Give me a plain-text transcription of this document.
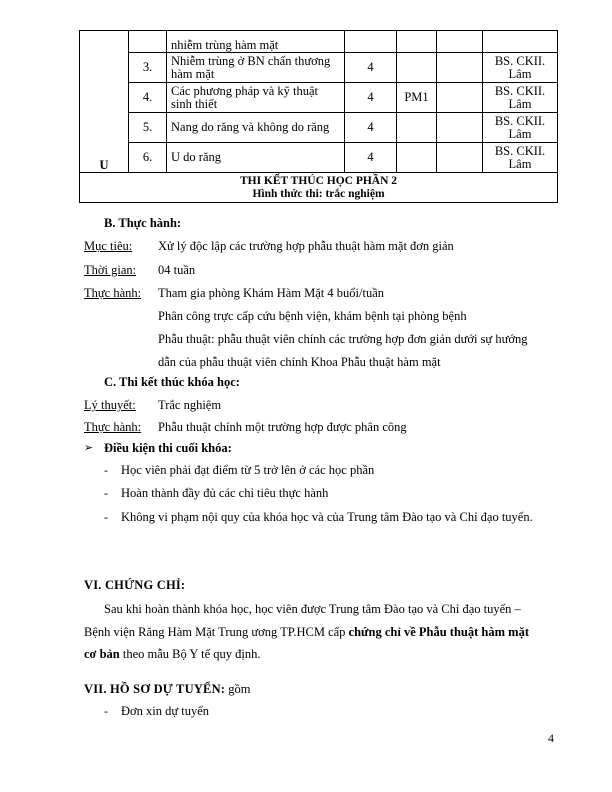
U		nhiễm trùng hàm mặt				
	3.	Nhiễm trùng ở BN chấn thương hàm mặt	4			BS. CKII. Lâm
	4.	Các phương pháp và kỹ thuật sinh thiết	4	PM1		BS. CKII. Lâm
	5.	Nang do răng và không do răng	4			BS. CKII. Lâm
	6.	U do răng	4			BS. CKII. Lâm

THI KẾT THÚC HỌC PHẦN 2
Hình thức thi: trắc nghiệm						
B. Thực hành:
Mục tiêu: Xử lý độc lập các trường hợp phẫu thuật hàm mặt đơn giản
Thời gian: 04 tuần
Thực hành: Tham gia phòng Khám Hàm Mặt 4 buổi/tuần
Phân công trực cấp cứu bệnh viện, khám bệnh tại phòng bệnh
Phẫu thuật: phẫu thuật viên chính các trường hợp đơn giản dưới sự hướng
dẫn của phẫu thuật viên chính Khoa Phẫu thuật hàm mặt
C. Thi kết thúc khóa học:
Lý thuyết: Trắc nghiệm
Thực hành: Phẫu thuật chính một trường hợp được phân công
➢ Điều kiện thi cuối khóa:
- Học viên phải đạt điểm từ 5 trở lên ở các học phần
- Hoàn thành đầy đủ các chỉ tiêu thực hành
- Không vi phạm nội quy của khóa học và của Trung tâm Đào tạo và Chỉ đạo tuyến.
VI. CHỨNG CHỈ:
Sau khi hoàn thành khóa học, học viên được Trung tâm Đào tạo và Chỉ đạo tuyến –
Bệnh viện Răng Hàm Mặt Trung ương TP.HCM cấp chứng chỉ về Phẫu thuật hàm mặt
cơ bản theo mẫu Bộ Y tế quy định.
VII. HỒ SƠ DỰ TUYỂN: gồm
- Đơn xin dự tuyển
4
